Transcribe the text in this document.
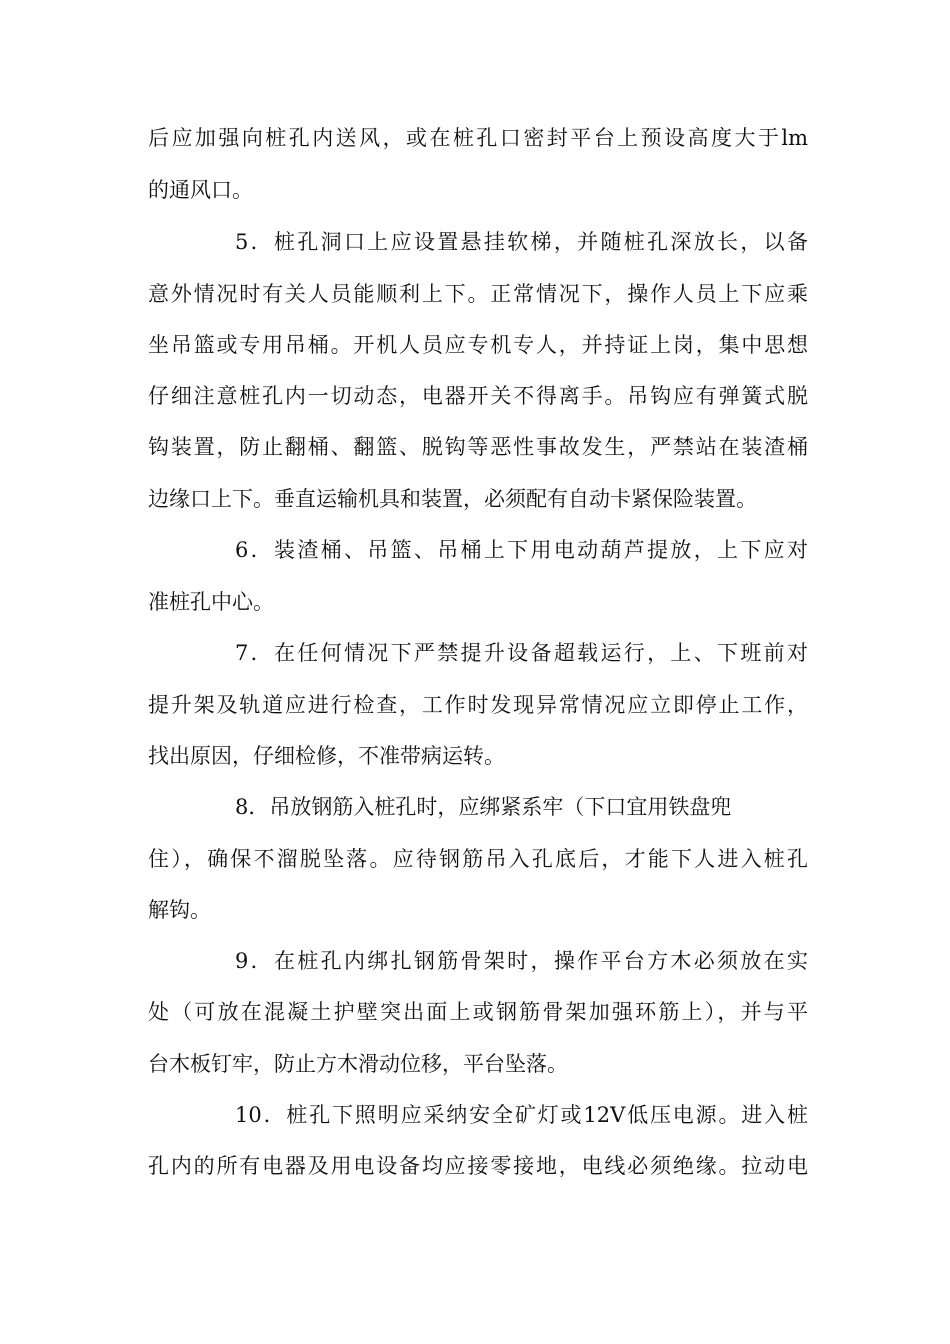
后应加强向桩孔内送风，或在桩孔口密封平台上预设高度大于lm
的通风口。
5．桩孔洞口上应设置悬挂软梯，并随桩孔深放长，以备
意外情况时有关人员能顺利上下。正常情况下，操作人员上下应乘
坐吊篮或专用吊桶。开机人员应专机专人，并持证上岗，集中思想
仔细注意桩孔内一切动态，电器开关不得离手。吊钩应有弹簧式脱
钩装置，防止翻桶、翻篮、脱钩等恶性事故发生，严禁站在装渣桶
边缘口上下。垂直运输机具和装置，必须配有自动卡紧保险装置。
6．装渣桶、吊篮、吊桶上下用电动葫芦提放，上下应对
准桩孔中心。
7．在任何情况下严禁提升设备超载运行，上、下班前对
提升架及轨道应进行检查，工作时发现异常情况应立即停止工作，
找出原因，仔细检修，不准带病运转。
8．吊放钢筋入桩孔时，应绑紧系牢（下口宜用铁盘兜
住），确保不溜脱坠落。应待钢筋吊入孔底后，才能下人进入桩孔
解钩。
9．在桩孔内绑扎钢筋骨架时，操作平台方木必须放在实
处（可放在混凝土护壁突出面上或钢筋骨架加强环筋上），并与平
台木板钉牢，防止方木滑动位移，平台坠落。
10．桩孔下照明应采纳安全矿灯或12V低压电源。进入桩
孔内的所有电器及用电设备均应接零接地，电线必须绝缘。拉动电
